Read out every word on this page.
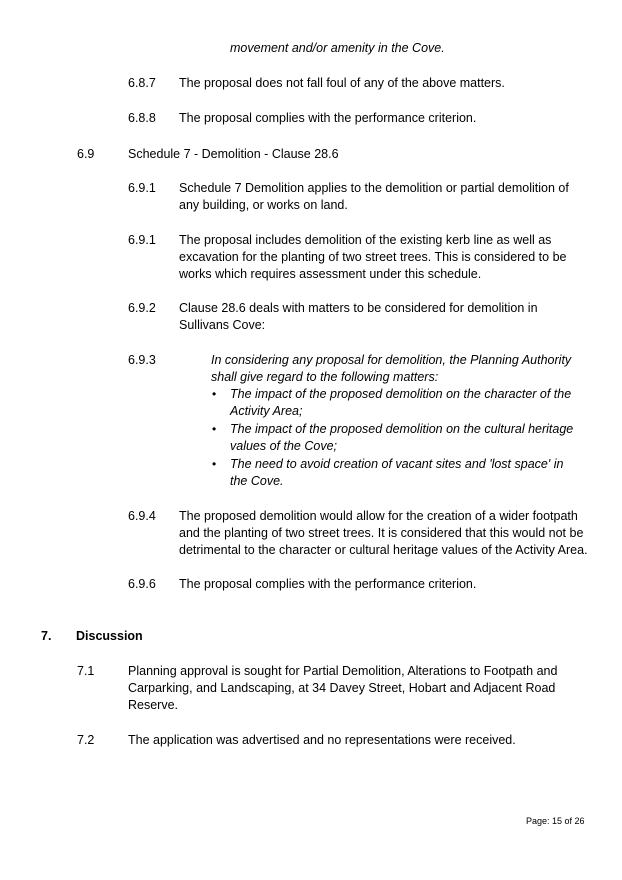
movement and/or amenity in the Cove.
6.8.7 The proposal does not fall foul of any of the above matters.
6.8.8 The proposal complies with the performance criterion.
6.9	Schedule 7 - Demolition - Clause 28.6
6.9.1 Schedule 7 Demolition applies to the demolition or partial demolition of
any building, or works on land.
6.9.1 The proposal includes demolition of the existing kerb line as well as
excavation for the planting of two street trees. This is considered to be
works which requires assessment under this schedule.
6.9.2 Clause 28.6 deals with matters to be considered for demolition in
Sullivans Cove:
6.9.3	In considering any proposal for demolition, the Planning Authority
shall give regard to the following matters:
• The impact of the proposed demolition on the character of the
Activity Area;
• The impact of the proposed demolition on the cultural heritage
values of the Cove;
• The need to avoid creation of vacant sites and 'lost space' in
the Cove.
6.9.4 The proposed demolition would allow for the creation of a wider footpath
and the planting of two street trees. It is considered that this would not be
detrimental to the character or cultural heritage values of the Activity Area.
6.9.6 The proposal complies with the performance criterion.
7. Discussion
7.1	Planning approval is sought for Partial Demolition, Alterations to Footpath and
Carparking, and Landscaping, at 34 Davey Street, Hobart and Adjacent Road
Reserve.
7.2	The application was advertised and no representations were received.
Page: 15 of 26
